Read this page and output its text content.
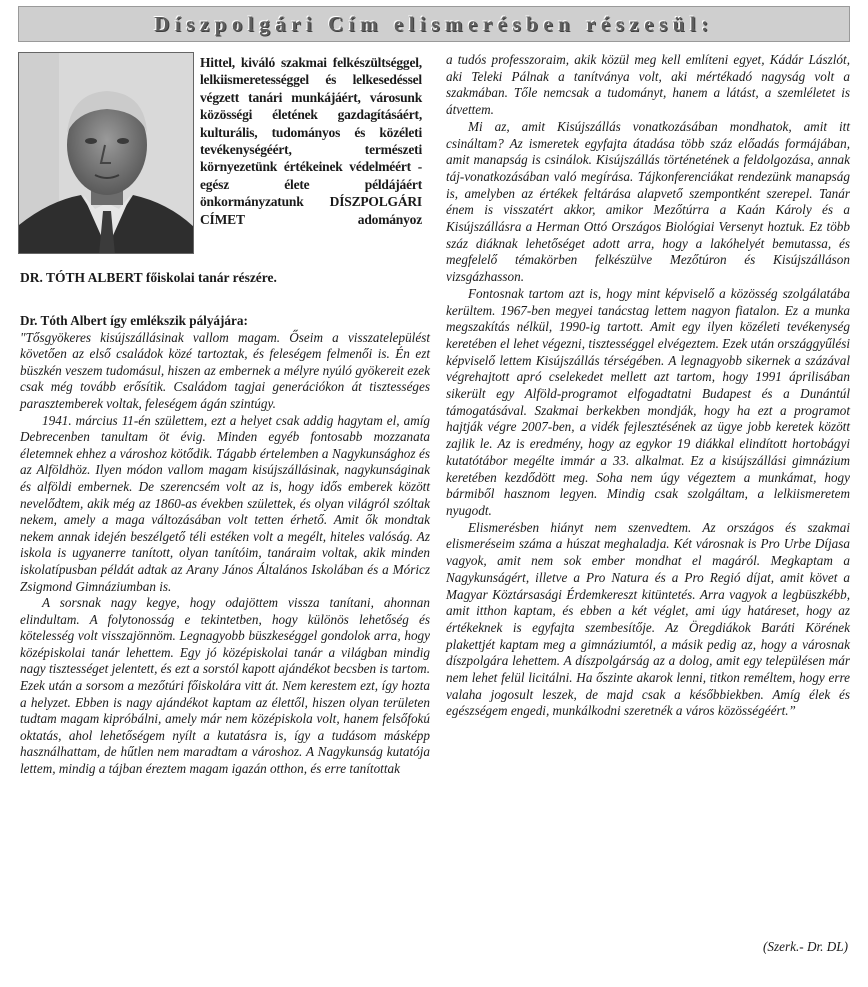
Díszpolgári Cím elismerésben részesül:
Hittel, kiváló szakmai felkészültséggel, lelkiismeretességgel és lelkesedéssel végzett tanári munkájáért, városunk közösségi életének gazdagításáért, kulturális, tudományos és közéleti tevékenységéért, természeti környezetünk értékeinek védelméért - egész élete példájáért önkormányzatunk DÍSZPOLGÁRI CÍMET adományoz
DR. TÓTH ALBERT főiskolai tanár részére.

Dr. Tóth Albert így emlékszik pályájára:

"Tősgyökeres kisújszállásinak vallom magam. Őseim a visszatelepülést követően az első családok közé tartoztak, és feleségem felmenői is. Én ezt büszkén veszem tudomásul, hiszen az embernek a mélyre nyúló gyökereit ezek csak még tovább erősítik. Családom tagjai generációkon át tisztességes parasztemberek voltak, feleségem ágán szintúgy.

1941. március 11-én születtem, ezt a helyet csak addig hagytam el, amíg Debrecenben tanultam öt évig. Minden egyéb fontosabb mozzanata életemnek ehhez a városhoz kötődik. Tágabb értelemben a Nagykunsághoz és az Alföldhöz. Ilyen módon vallom magam kisújszállásinak, nagykunságinak és alföldi embernek. De szerencsém volt az is, hogy idős emberek között nevelődtem, akik még az 1860-as években születtek, és olyan világról szóltak nekem, amely a maga változásában volt tetten érhető. Amit ők mondtak nekem annak idején beszélgető téli estéken volt a megélt, hiteles valóság. Az iskola is ugyanerre tanított, olyan tanítóim, tanáraim voltak, akik minden iskolatípusban példát adtak az Arany János Általános Iskolában és a Móricz Zsigmond Gimnáziumban is.

A sorsnak nagy kegye, hogy odajöttem vissza tanítani, ahonnan elindultam. A folytonosság e tekintetben, hogy különös lehetőség és kötelesség volt visszajönnöm. Legnagyobb büszkeséggel gondolok arra, hogy középiskolai tanár lehettem. Egy jó középiskolai tanár a világban mindig nagy tisztességet jelentett, és ezt a sorstól kapott ajándékot becsben is tartom. Ezek után a sorsom a mezőtúri főiskolára vitt át. Nem kerestem ezt, így hozta a helyzet. Ebben is nagy ajándékot kaptam az élettől, hiszen olyan területen tudtam magam kipróbálni, amely már nem középiskola volt, hanem felsőfokú oktatás, ahol lehetőségem nyílt a kutatásra is, így a tudásom másképp használhattam, de hűtlen nem maradtam a városhoz. A Nagykunság kutatója lettem, mindig a tájban éreztem magam igazán otthon, és erre tanítottak

a tudós professzoraim, akik közül meg kell említeni egyet, Kádár Lászlót, aki Teleki Pálnak a tanítványa volt, aki mértékadó nagyság volt a szakmában. Tőle nemcsak a tudományt, hanem a látást, a szemléletet is átvettem.

Mi az, amit Kisújszállás vonatkozásában mondhatok, amit itt csináltam? Az ismeretek egyfajta átadása több száz előadás formájában, amit manapság is csinálok. Kisújszállás történetének a feldolgozása, annak táj-vonatkozásában való megírása. Tájkonferenciákat rendezünk manapság is, amelyben az értékek feltárása alapvető szempontként szerepel. Tanár énem is visszatért akkor, amikor Mezőtúrra a Kaán Károly és a Kisújszállásra a Herman Ottó Országos Biológiai Versenyt hoztuk. Ez több száz diáknak lehetőséget adott arra, hogy a lakóhelyét bemutassa, és megfelelő témakörben felkészülve Mezőtúron és Kisújszálláson vizsgázhasson.

Fontosnak tartom azt is, hogy mint képviselő a közösség szolgálatába kerültem. 1967-ben megyei tanácstag lettem nagyon fiatalon. Ez a munka megszakítás nélkül, 1990-ig tartott. Amit egy ilyen közéleti tevékenység keretében el lehet végezni, tisztességgel elvégeztem. Ezek után országgyűlési képviselő lettem Kisújszállás térségében. A legnagyobb sikernek a százával végrehajtott apró cselekedet mellett azt tartom, hogy 1991 áprilisában sikerült egy Alföld-programot elfogadtatni Budapest és a Dunántúl támogatásával. Szakmai berkekben mondják, hogy ha ezt a programot hajtják végre 2007-ben, a vidék fejlesztésének az ügye jobb keretek között zajlik le. Az is eredmény, hogy az egykor 19 diákkal elindított hortobágyi kutatótábor megélte immár a 33. alkalmat. Ez a kisújszállási gimnázium keretében kezdődött meg. Soha nem úgy végeztem a munkámat, hogy bármiből hasznom legyen. Mindig csak szolgáltam, a lelkiismeretem nyugodt.

Elismerésben hiányt nem szenvedtem. Az országos és szakmai elismeréseim száma a húszat meghaladja. Két városnak is Pro Urbe Díjasa vagyok, amit nem sok ember mondhat el magáról. Megkaptam a Nagykunságért, illetve a Pro Natura és a Pro Regió díjat, amit követ a Magyar Köztársasági Érdemkereszt kitüntetés. Arra vagyok a legbüszkébb, amit itthon kaptam, és ebben a két véglet, ami úgy határeset, hogy az értékeknek is egyfajta szembesítője. Az Öregdiákok Baráti Körének plakettjét kaptam meg a gimnáziumtól, a másik pedig az, hogy a városnak díszpolgára lehettem. A díszpolgárság az a dolog, amit egy településen már nem lehet felül licitálni. Ha őszinte akarok lenni, titkon reméltem, hogy erre valaha jogosult leszek, de majd csak a későbbiekben. Amíg élek és egészségem engedi, munkálkodni szeretnék a város közösségéért.”

(Szerk.- Dr. DL)
